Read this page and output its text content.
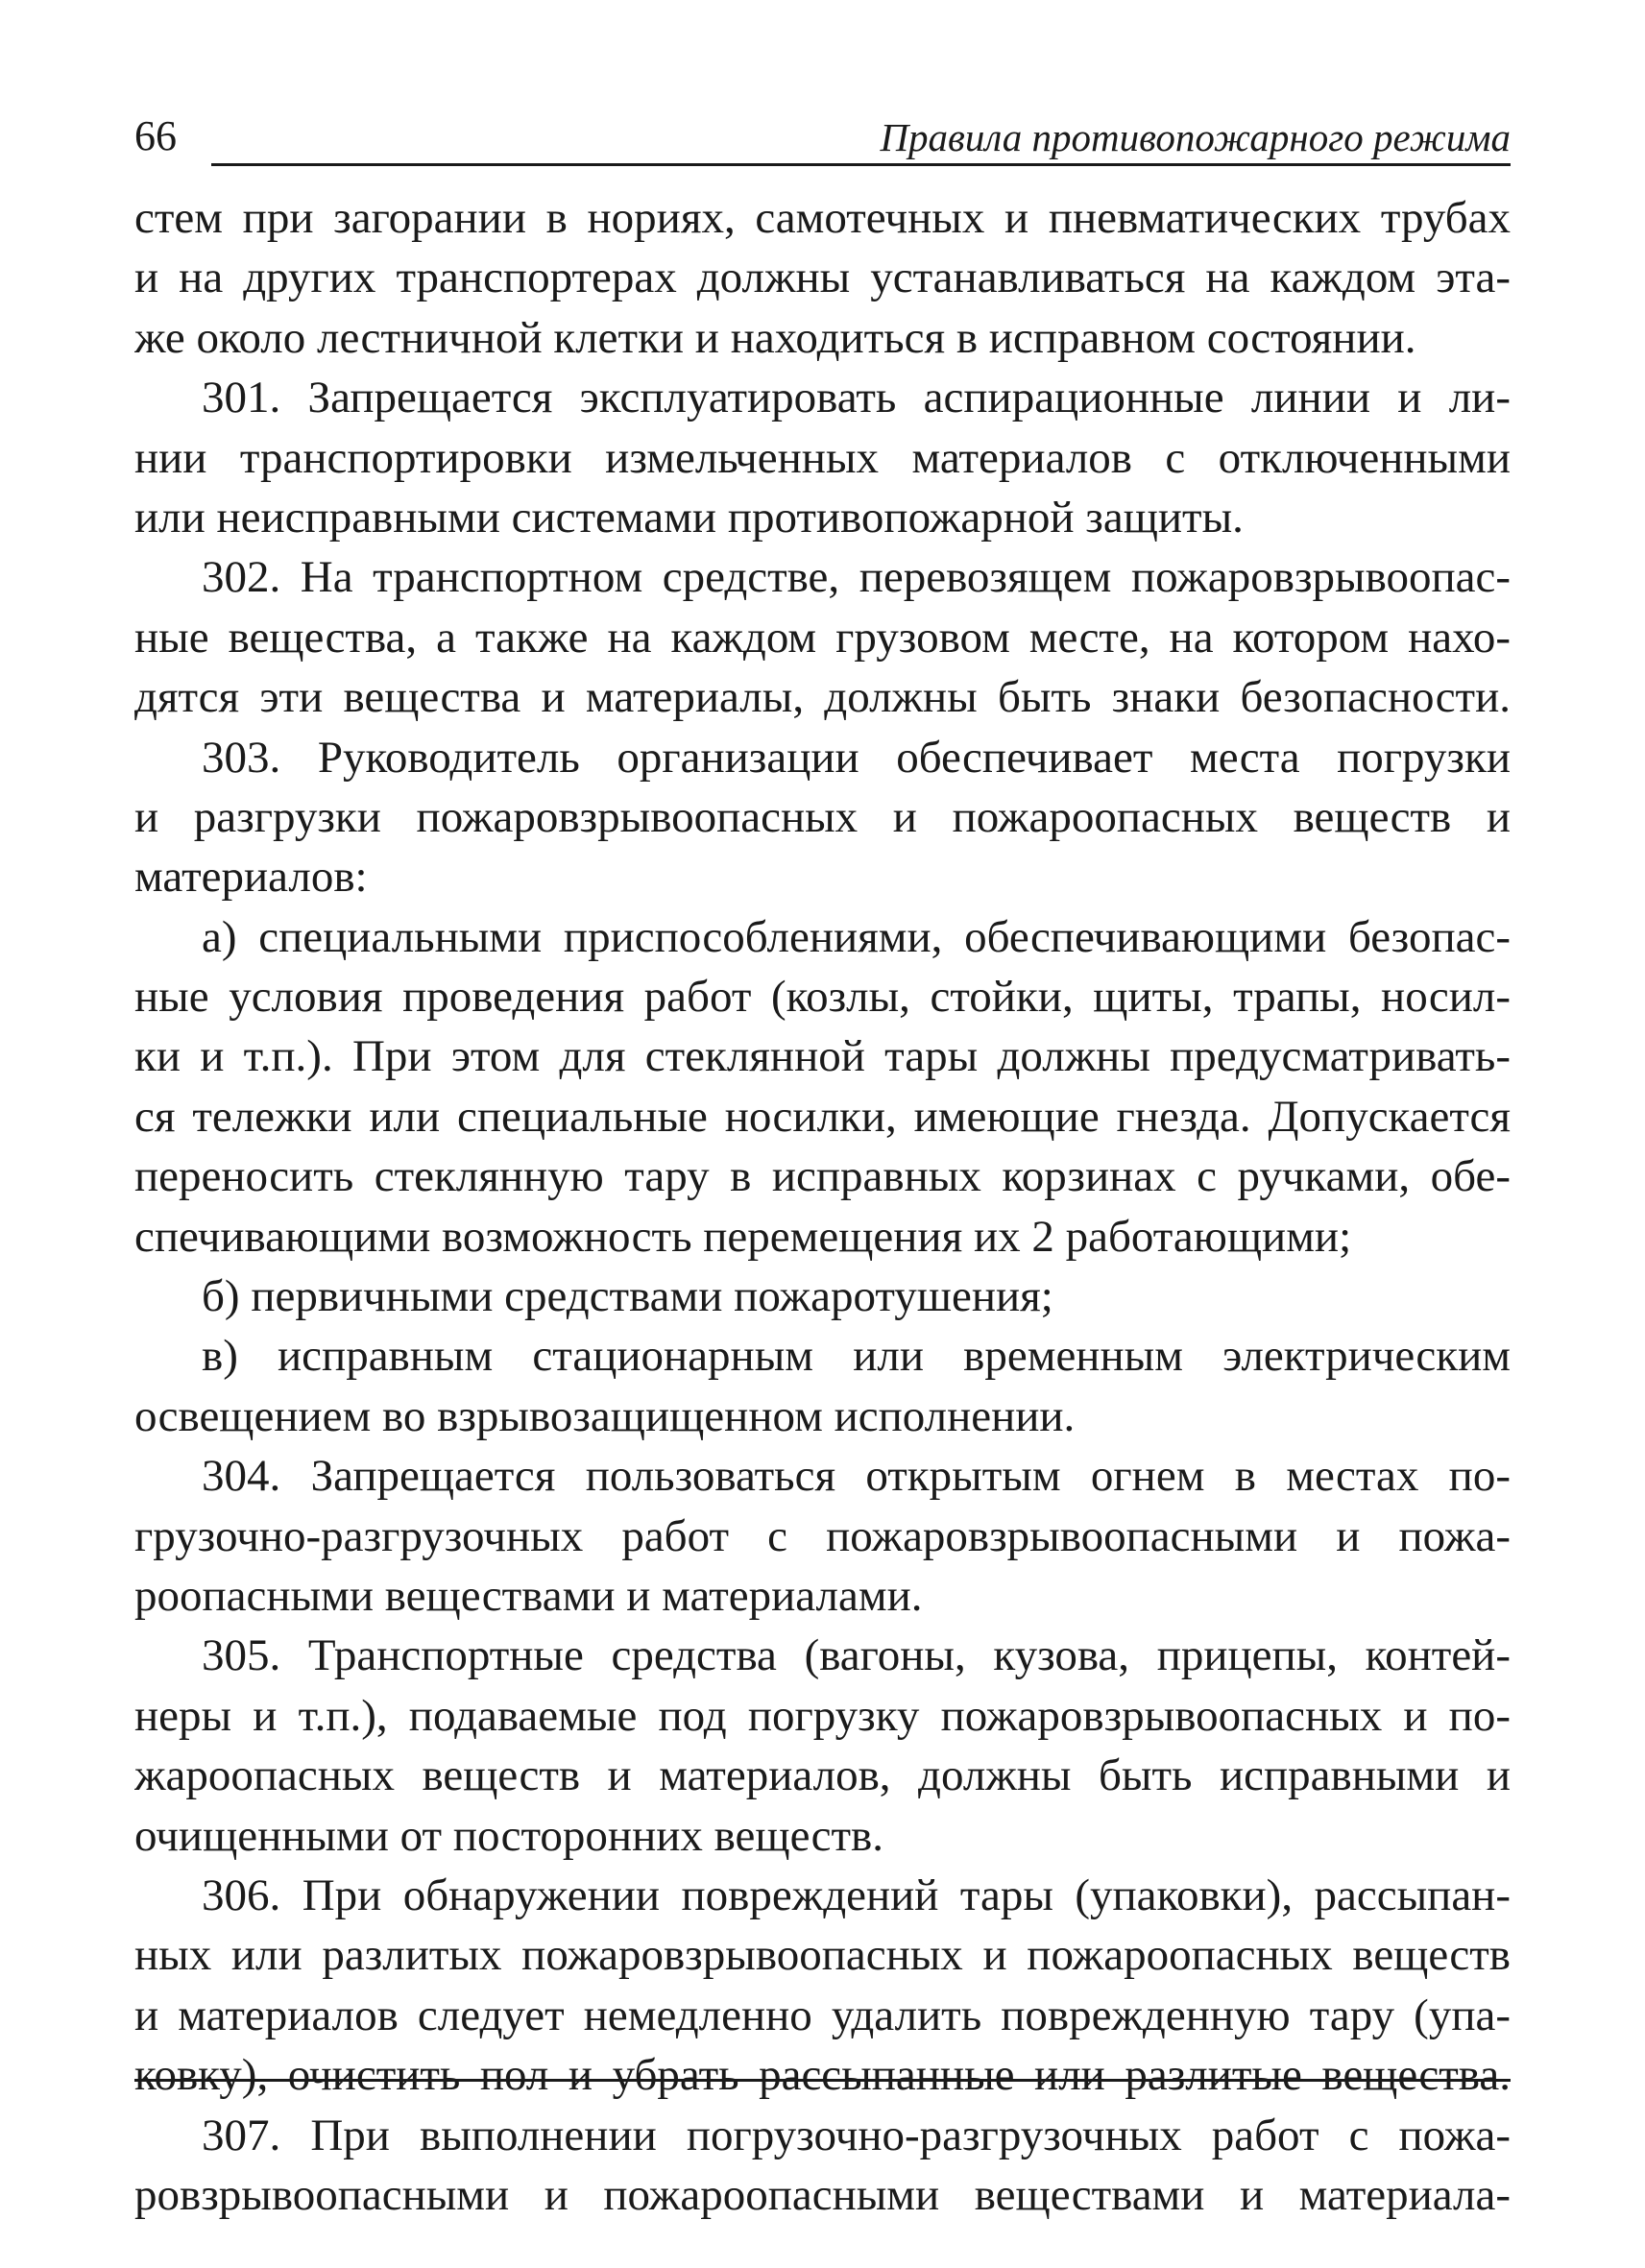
66	Правила противопожарного режима
стем при загорании в нориях, самотечных и пневматических трубах
и на других транспортерах должны устанавливаться на каждом эта-
же около лестничной клетки и находиться в исправном состоянии.
301. Запрещается эксплуатировать аспирационные линии и ли-
нии транспортировки измельченных материалов с отключенными
или неисправными системами противопожарной защиты.
302. На транспортном средстве, перевозящем пожаровзрывоопас-
ные вещества, а также на каждом грузовом месте, на котором нахо-
дятся эти вещества и материалы, должны быть знаки безопасности.
303. Руководитель организации обеспечивает места погрузки
и разгрузки пожаровзрывоопасных и пожароопасных веществ и
материалов:
а) специальными приспособлениями, обеспечивающими безопас-
ные условия проведения работ (козлы, стойки, щиты, трапы, носил-
ки и т.п.). При этом для стеклянной тары должны предусматривать-
ся тележки или специальные носилки, имеющие гнезда. Допускается
переносить стеклянную тару в исправных корзинах с ручками, обе-
спечивающими возможность перемещения их 2 работающими;
б) первичными средствами пожаротушения;
в) исправным стационарным или временным электрическим
освещением во взрывозащищенном исполнении.
304. Запрещается пользоваться открытым огнем в местах по-
грузочно-разгрузочных работ с пожаровзрывоопасными и пожа-
роопасными веществами и материалами.
305. Транспортные средства (вагоны, кузова, прицепы, контей-
неры и т.п.), подаваемые под погрузку пожаровзрывоопасных и по-
жароопасных веществ и материалов, должны быть исправными и
очищенными от посторонних веществ.
306. При обнаружении повреждений тары (упаковки), рассыпан-
ных или разлитых пожаровзрывоопасных и пожароопасных веществ
и материалов следует немедленно удалить поврежденную тару (упа-
ковку), очистить пол и убрать рассыпанные или разлитые вещества.
307. При выполнении погрузочно-разгрузочных работ с пожа-
ровзрывоопасными и пожароопасными веществами и материала-
